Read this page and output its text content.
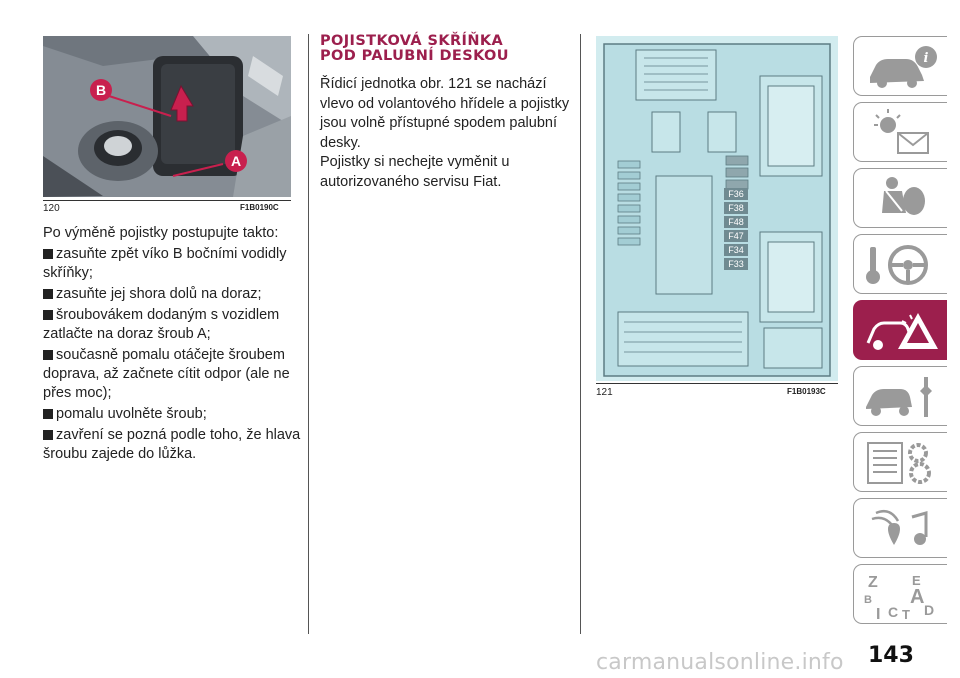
B
A
120	F1B0190C

Po výměně pojistky postupujte takto:

zasuňte zpět víko B bočními vodidly skříňky;

zasuňte jej shora dolů na doraz;

šroubovákem dodaným s vozidlem zatlačte na doraz šroub A;

současně pomalu otáčejte šroubem doprava, až začnete cítit odpor (ale ne přes moc);

pomalu uvolněte šroub;

zavření se pozná podle toho, že hlava šroubu zajede do lůžka.

POJISTKOVÁ SKŘÍŇKA
POD PALUBNÍ DESKOU

Řídicí jednotka obr. 121 se nachází vlevo od volantového hřídele a pojistky jsou volně přístupné spodem palubní desky.

Pojistky si nechejte vyměnit u autorizovaného servisu Fiat.

F36
F38
F48
F47
F34
F33
121	F1B0193C
i
Z	E
B A
I C T D
carmanualsonline.info 143
